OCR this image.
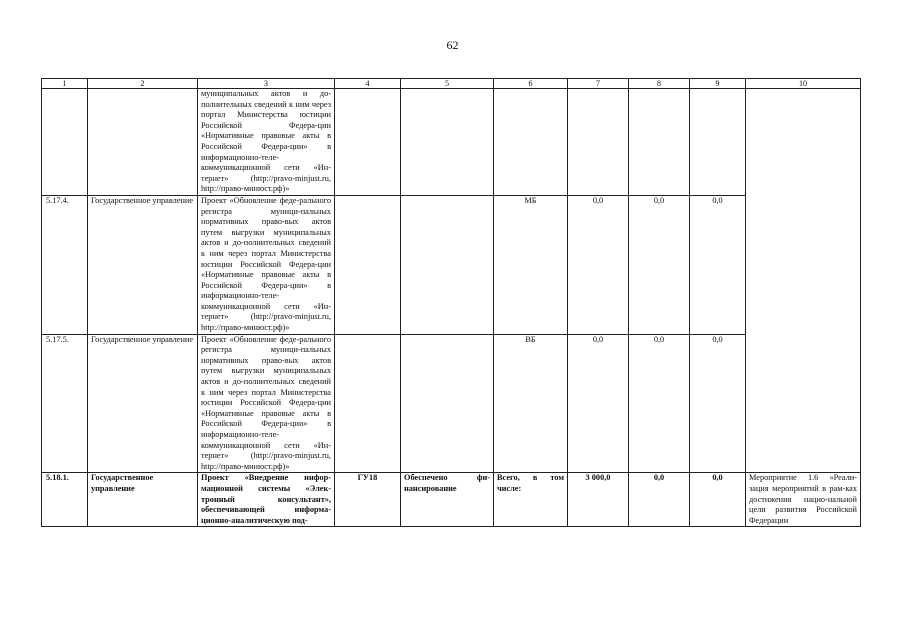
62
1	2	3	4	5	6	7	8	9	10
		муниципальных актов и до-полнительных сведений к ним через портал Министерства юстиции Российской Федера-ции «Нормативные правовые акты в Российской Федера-ции» в информационно-теле-коммуникационной сети «Ин-тернет» (http://pravo-minjust.ru, http://право-минюст.рф)»							
5.17.4.	Государственное управление	Проект «Обновление феде-рального регистра муници-пальных нормативных право-вых актов путем выгрузки муниципальных актов и до-полнительных сведений к ним через портал Министерства юстиции Российской Федера-ции «Нормативные правовые акты в Российской Федера-ции» в информационно-теле-коммуникационной сети «Ин-тернет» (http://pravo-minjust.ru, http://право-минюст.рф)»			МБ	0,0	0,0	0,0	
5.17.5.	Государственное управление	Проект «Обновление феде-рального регистра муници-пальных нормативных право-вых актов путем выгрузки муниципальных актов и до-полнительных сведений к ним через портал Министерства юстиции Российской Федера-ции «Нормативные правовые акты в Российской Федера-ции» в информационно-теле-коммуникационной сети «Ин-тернет» (http://pravo-minjust.ru, http://право-минюст.рф)»			ВБ	0,0	0,0	0,0	
5.18.1.	Государственное управление	Проект «Внедрение инфор-мационной системы «Элек-тронный консультант», обеспечивающей информа-ционно-аналитическую под-	ГУ18	Обеспечено фи-нансирование	Всего, в том числе:	3 000,0	0,0	0,0	Мероприятие 1.6 «Реали-зация мероприятий в рам-ках достижения нацио-нальной цели развития Российской Федерации
